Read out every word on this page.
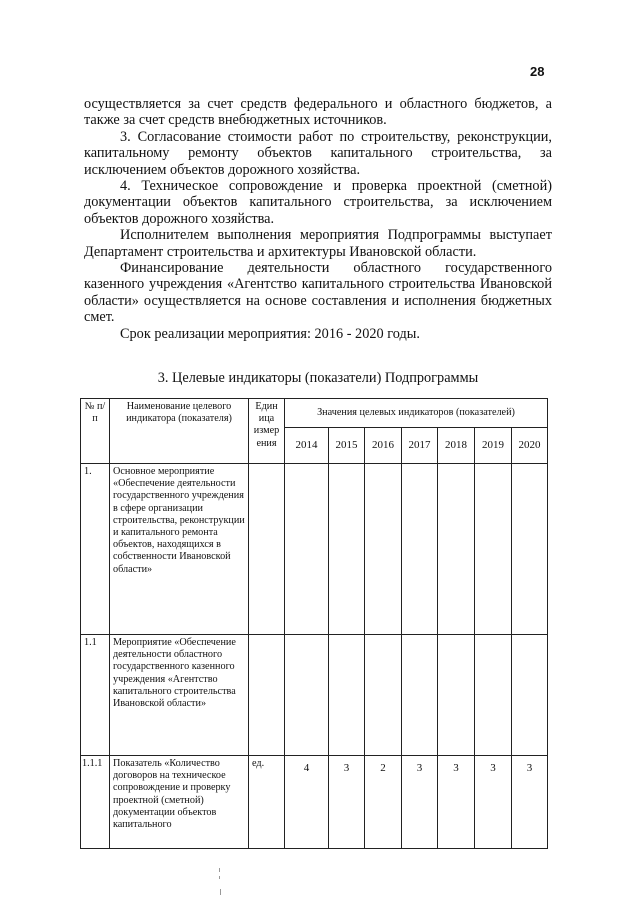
28

осуществляется за счет средств федерального и областного бюджетов, а также за счет средств внебюджетных источников.

3. Согласование стоимости работ по строительству, реконструкции, капитальному ремонту объектов капитального строительства, за исключением объектов дорожного хозяйства.

4. Техническое сопровождение и проверка проектной (сметной) документации объектов капитального строительства, за исключением объектов дорожного хозяйства.

Исполнителем выполнения мероприятия Подпрограммы выступает Департамент строительства и архитектуры Ивановской области.

Финансирование деятельности областного государственного казенного учреждения «Агентство капитального строительства Ивановской области» осуществляется на основе составления и исполнения бюджетных смет.

Срок реализации мероприятия: 2016 - 2020 годы.

3. Целевые индикаторы (показатели) Подпрограммы
№ п/п	Наименование целевого индикатора (показателя)	Един ица измер ения	Значения целевых индикаторов (показателей)						
			2014	2015	2016	2017	2018	2019	2020
1.	Основное мероприятие «Обеспечение деятельности государственного учреждения в сфере организации строительства, реконструкции и капитального ремонта объектов, находящихся в собственности Ивановской области»								
1.1	Мероприятие «Обеспечение деятельности областного государственного казенного учреждения «Агентство капитального строительства Ивановской области»								
1.1.1	Показатель «Количество договоров на техническое сопровождение и проверку проектной (сметной) документации объектов капитального	ед.	4	3	2	3	3	3	3
